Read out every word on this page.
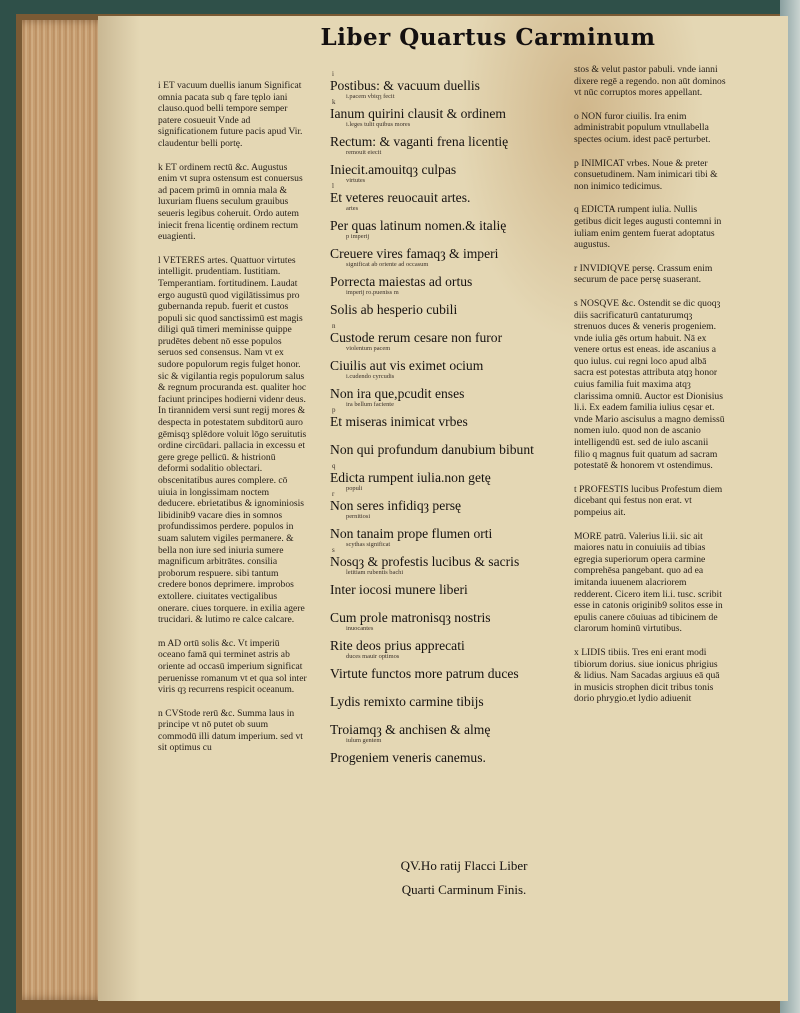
Liber Quartus Carminum

i ET vacuum duellis ianum Significat omnia pacata sub q fare tęplo iani clauso.quod belli tempore semper patere cosueuit Vnde ad significationem future pacis apud Vir. claudentur belli portę.

k ET ordinem rectū &c. Augustus enim vt supra ostensum est conuersus ad pacem primū in omnia mala & luxuriam fluens seculum grauibus seueris legibus coheruit. Ordo autem iniecit frena licentię ordinem rectum euagienti.

l VETERES artes. Quattuor virtutes intelligit. prudentiam. Iustitiam. Temperantiam. fortitudinem. Laudat ergo augustū quod vigilātissimus pro gubernanda repub. fuerit et custos populi sic quod sanctissimū est magis diligi quā timeri meminisse quippe prudētes debent nō esse populos seruos sed consensus. Nam vt ex sudore populorum regis fulget honor. sic & vigilantia regis populorum salus & regnum procuranda est. qualiter hoc faciunt principes hodierni videnr deus. In tirannidem versi sunt regij mores & despecta in potestatem subditorū auro gēmisqȝ splēdore voluit lōgo seruitutis ordine circūdari. pallacia in excessu et gere grege pellicū. & histrionū deformi sodalitio oblectari. obscenitatibus aures complere. cō uiuia in longissimam noctem deducere. ebrietatibus & ignominiosis libidinib9 vacare dies in somnos profundissimos perdere. populos in suam salutem vigiles permanere. & bella non iure sed iniuria sumere magnificum arbitrātes. consilia proborum respuere. sibi tantum credere bonos deprimere. improbos extollere. ciuitates vectigalibus onerare. ciues torquere. in exilia agere trucidari. & lutimo re calce calcare.

m AD ortū solis &c. Vt imperiū oceano famā qui terminet astris ab oriente ad occasū imperium significat peruenisse romanum vt et qua sol inter viris qȝ recurrens respicit oceanum.

n CVStode rerū &c. Summa laus in principe vt nō putet ob suum commodū illi datum imperium. sed vt sit optimus cu

i
Postibus: & vacuum duellis
i.pacem vbiqȝ fecit
k
Ianum quirini clausit & ordinem
i.leges tulit quibus mores
Rectum: & vaganti frena licentię
remouit eiecit
Iniecit.amouitqȝ culpas
virtutes
l
Et veteres reuocauit artes.
artes
Per quas latinum nomen.& italię
p imperij
Creuere vires famaqȝ & imperi
significat ab oriente ad occasum
Porrecta maiestas ad ortus
imperij ro.pueniss m
Solis ab hesperio cubili
n
Custode rerum cesare non furor
violentum pacem
Ciuilis aut vis eximet ocium
i.cudendo cyrcudis
Non ira que,pcudit enses
ira bellum faciente
p
Et miseras inimicat vrbes
Non qui profundum danubium bibunt
q
Edicta rumpent iulia.non getę
populi
r
Non seres infidiqȝ persę
pernitiosi
Non tanaim prope flumen orti
scythas significat
s
Nosqȝ & profestis lucibus & sacris
letitiam rubentis bachi
Inter iocosi munere liberi
Cum prole matronisqȝ nostris
inuocantes
Rite deos prius apprecati
duces mauir optimos
Virtute functos more patrum duces
Lydis remixto carmine tibijs
Troiamqȝ & anchisen & almę
iulum gentem
Progeniem veneris canemus.
QV.Ho ratij Flacci Liber
Quarti Carminum Finis.

stos & velut pastor pabuli. vnde ianni dixere regē a regendo. non aūt dominos vt nūc corruptos mores appellant.

o NON furor ciuilis. Ira enim administrabit populum vtnullabella spectes ocium. idest pacē perturbet.

p INIMICAT vrbes. Noue & preter consuetudinem. Nam inimicari tibi & non inimico tedicimus.

q EDICTA rumpent iulia. Nullis getibus dicit leges augusti contemni in iuliam enim gentem fuerat adoptatus augustus.

r INVIDIQVE persę. Crassum enim securum de pace persę suaserant.

s NOSQVE &c. Ostendit se dic quoqȝ diis sacrificaturū cantaturumqȝ strenuos duces & veneris progeniem. vnde iulia gēs ortum habuit. Nā ex venere ortus est eneas. ide ascanius a quo iulus. cui regni loco apud albā sacra est potestas attributa atqȝ honor cuius familia fuit maxima atqȝ clarissima omniū. Auctor est Dionisius li.i. Ex eadem familia iulius cęsar et. vnde Mario ascisulus a magno demissū nomen iulo. quod non de ascanio intelligendū est. sed de iulo ascanii filio q magnus fuit quatum ad sacram potestatē & honorem vt ostendimus.

t PROFESTIS lucibus Profestum diem dicebant qui festus non erat. vt pompeius ait.

MORE patrū. Valerius li.ii. sic ait maiores natu in conuiuiis ad tibias egregia superiorum opera carmine comprehēsa pangebant. quo ad ea imitanda iuuenem alacriorem redderent. Cicero item li.i. tusc. scribit esse in catonis originib9 solitos esse in epulis canere cōuiuas ad tibicinem de clarorum hominū virtutibus.

x LIDIS tibiis. Tres eni erant modi tibiorum dorius. siue ionicus phrigius & lidius. Nam Sacadas argiuus eā quā in musicis strophen dicit tribus tonis dorio phrygio.et lydio adiuenit
